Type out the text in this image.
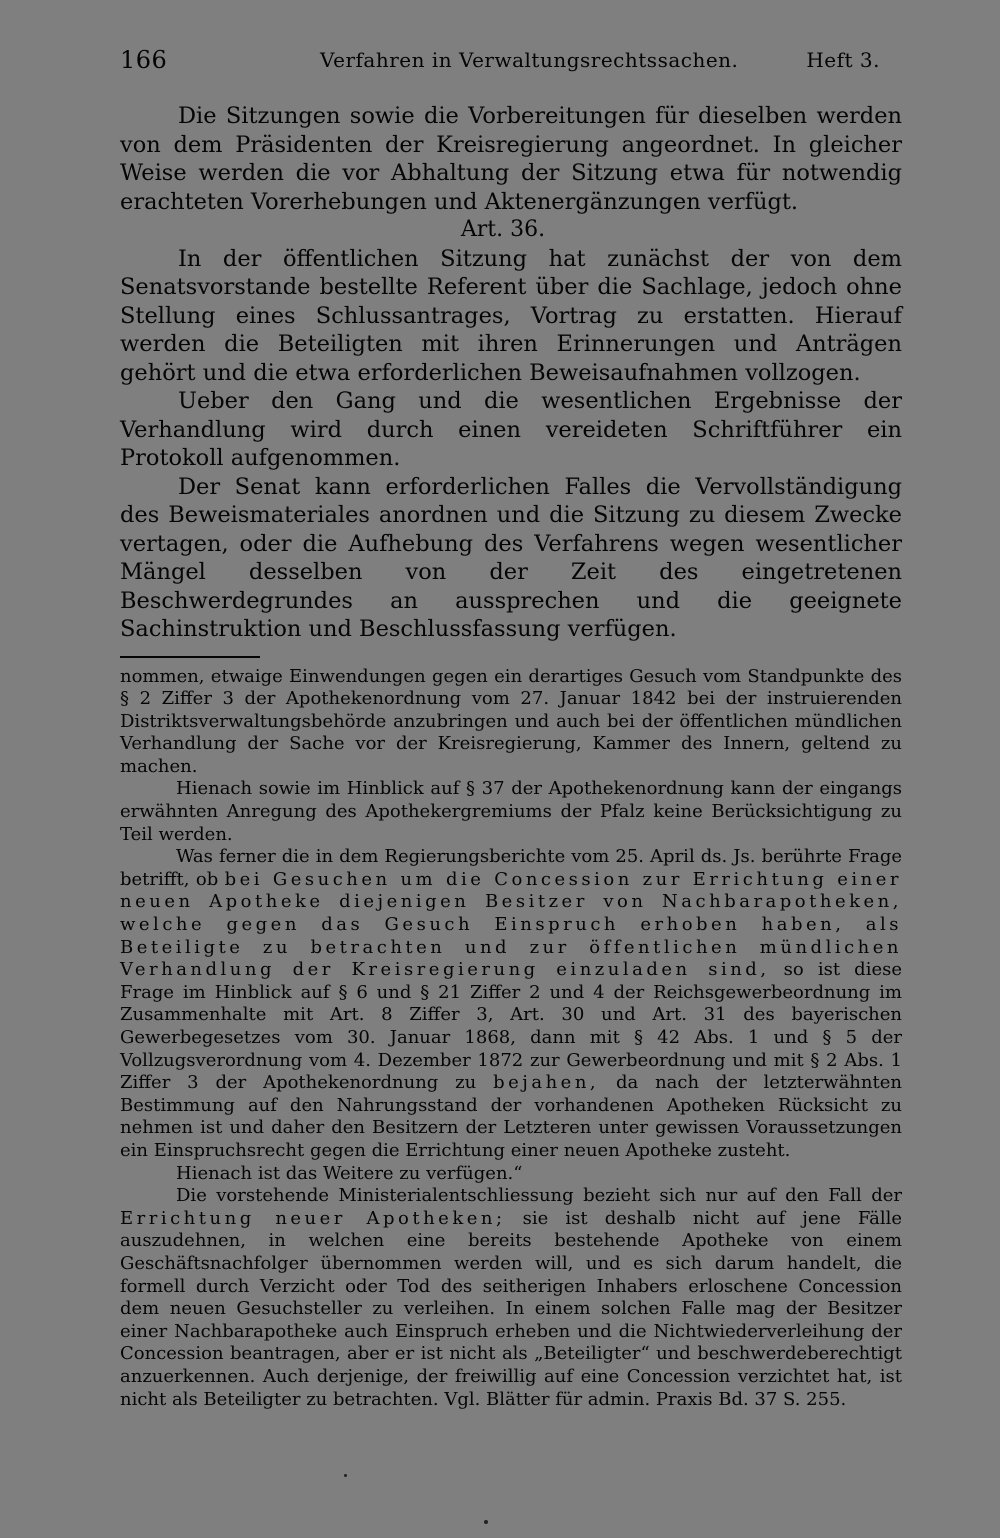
166	Verfahren in Verwaltungsrechtssachen.	Heft 3.

Die Sitzungen sowie die Vorbereitungen für dieselben werden von dem Präsidenten der Kreisregierung angeordnet. In gleicher Weise werden die vor Abhaltung der Sitzung etwa für notwendig erachteten Vorerhebungen und Aktenergänzungen verfügt.

Art. 36.

In der öffentlichen Sitzung hat zunächst der von dem Senatsvorstande bestellte Referent über die Sachlage, jedoch ohne Stellung eines Schlussantrages, Vortrag zu erstatten. Hierauf werden die Beteiligten mit ihren Erinnerungen und Anträgen gehört und die etwa erforderlichen Beweisaufnahmen vollzogen.

Ueber den Gang und die wesentlichen Ergebnisse der Verhandlung wird durch einen vereideten Schriftführer ein Protokoll aufgenommen.

Der Senat kann erforderlichen Falles die Vervollständigung des Beweismateriales anordnen und die Sitzung zu diesem Zwecke vertagen, oder die Aufhebung des Verfahrens wegen wesentlicher Mängel desselben von der Zeit des eingetretenen Beschwerdegrundes an aussprechen und die geeignete Sachinstruktion und Beschlussfassung verfügen.

nommen, etwaige Einwendungen gegen ein derartiges Gesuch vom Standpunkte des § 2 Ziffer 3 der Apothekenordnung vom 27. Januar 1842 bei der instruierenden Distriktsverwaltungsbehörde anzubringen und auch bei der öffentlichen mündlichen Verhandlung der Sache vor der Kreisregierung, Kammer des Innern, geltend zu machen.

Hienach sowie im Hinblick auf § 37 der Apothekenordnung kann der eingangs erwähnten Anregung des Apothekergremiums der Pfalz keine Berücksichtigung zu Teil werden.

Was ferner die in dem Regierungsberichte vom 25. April ds. Js. berührte Frage betrifft, ob bei Gesuchen um die Concession zur Errichtung einer neuen Apotheke diejenigen Besitzer von Nachbarapotheken, welche gegen das Gesuch Einspruch erhoben haben, als Beteiligte zu betrachten und zur öffentlichen mündlichen Verhandlung der Kreisregierung einzuladen sind, so ist diese Frage im Hinblick auf § 6 und § 21 Ziffer 2 und 4 der Reichsgewerbeordnung im Zusammenhalte mit Art. 8 Ziffer 3, Art. 30 und Art. 31 des bayerischen Gewerbegesetzes vom 30. Januar 1868, dann mit § 42 Abs. 1 und § 5 der Vollzugsverordnung vom 4. Dezember 1872 zur Gewerbeordnung und mit § 2 Abs. 1 Ziffer 3 der Apothekenordnung zu bejahen, da nach der letzterwähnten Bestimmung auf den Nahrungsstand der vorhandenen Apotheken Rücksicht zu nehmen ist und daher den Besitzern der Letzteren unter gewissen Voraussetzungen ein Einspruchsrecht gegen die Errichtung einer neuen Apotheke zusteht.

Hienach ist das Weitere zu verfügen.“

Die vorstehende Ministerialentschliessung bezieht sich nur auf den Fall der Errichtung neuer Apotheken; sie ist deshalb nicht auf jene Fälle auszudehnen, in welchen eine bereits bestehende Apotheke von einem Geschäftsnachfolger übernommen werden will, und es sich darum handelt, die formell durch Verzicht oder Tod des seitherigen Inhabers erloschene Concession dem neuen Gesuchsteller zu verleihen. In einem solchen Falle mag der Besitzer einer Nachbarapotheke auch Einspruch erheben und die Nichtwiederverleihung der Concession beantragen, aber er ist nicht als „Beteiligter“ und beschwerdeberechtigt anzuerkennen. Auch derjenige, der freiwillig auf eine Concession verzichtet hat, ist nicht als Beteiligter zu betrachten. Vgl. Blätter für admin. Praxis Bd. 37 S. 255.
